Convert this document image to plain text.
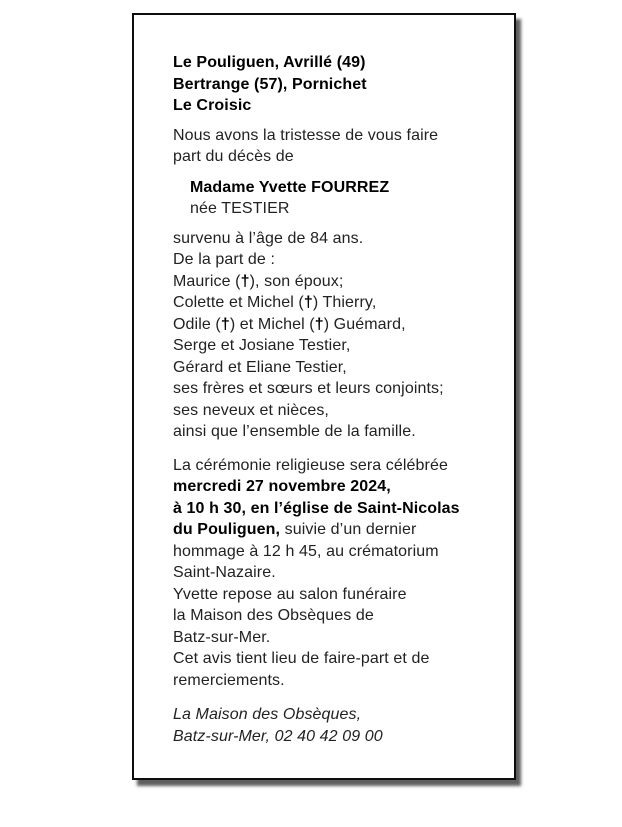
Le Pouliguen, Avrillé (49)
Bertrange (57), Pornichet
Le Croisic
Nous avons la tristesse de vous faire
part du décès de
Madame Yvette FOURREZ
née TESTIER
survenu à l’âge de 84 ans.
De la part de :
Maurice (†), son époux;
Colette et Michel (†) Thierry,
Odile (†) et Michel (†) Guémard,
Serge et Josiane Testier,
Gérard et Eliane Testier,
ses frères et sœurs et leurs conjoints;
ses neveux et nièces,
ainsi que l’ensemble de la famille.
La cérémonie religieuse sera célébrée
mercredi 27 novembre 2024,
à 10 h 30, en l’église de Saint-Nicolas
du Pouliguen, suivie d’un dernier
hommage à 12 h 45, au crématorium
Saint-Nazaire.
Yvette repose au salon funéraire
la Maison des Obsèques de
Batz-sur-Mer.
Cet avis tient lieu de faire-part et de
remerciements.
La Maison des Obsèques,
Batz-sur-Mer, 02 40 42 09 00
